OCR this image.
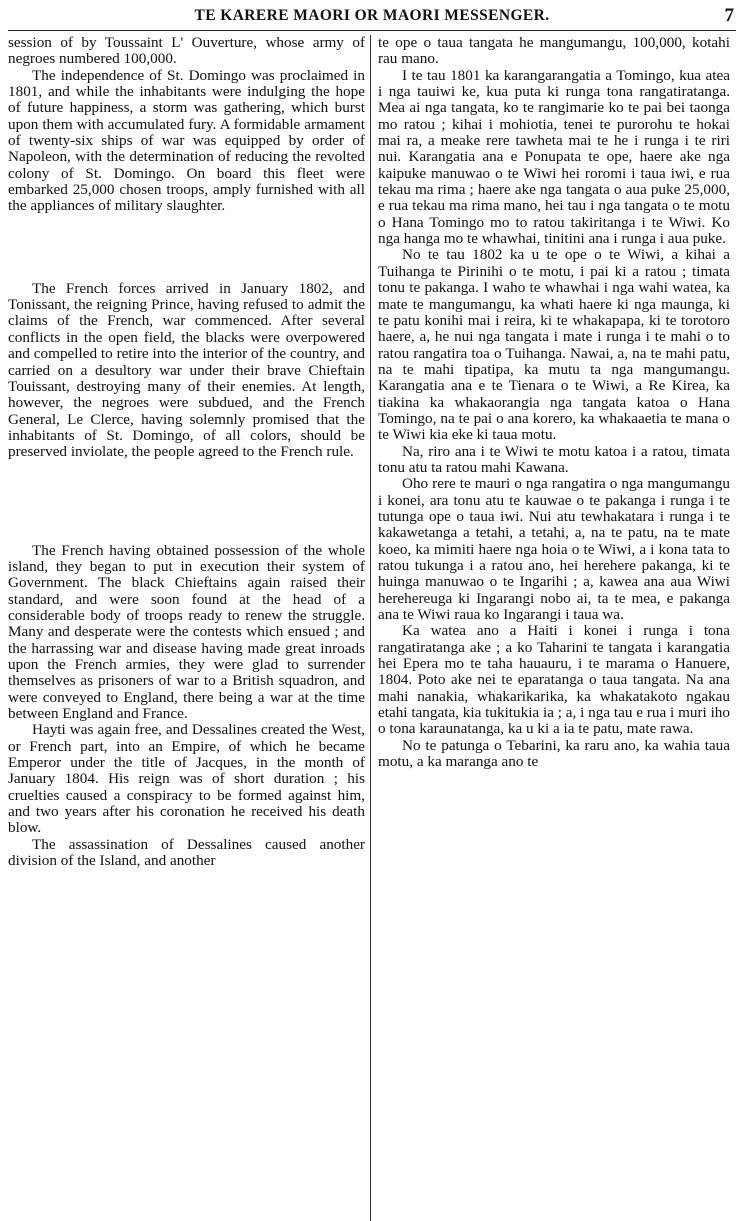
TE KARERE MAORI OR MAORI MESSENGER.	7

session of by Toussaint L' Ouverture, whose army of negroes numbered 100,000.

The independence of St. Domingo was proclaimed in 1801, and while the inhabitants were indulging the hope of future happiness, a storm was gathering, which burst upon them with accumulated fury. A formidable armament of twenty-six ships of war was equipped by order of Napoleon, with the determination of reducing the revolted colony of St. Domingo. On board this fleet were embarked 25,000 chosen troops, amply furnished with all the appliances of military slaughter.

The French forces arrived in January 1802, and Tonissant, the reigning Prince, having refused to admit the claims of the French, war commenced. After several conflicts in the open field, the blacks were overpowered and compelled to retire into the interior of the country, and carried on a desultory war under their brave Chieftain Touissant, destroying many of their enemies. At length, however, the negroes were subdued, and the French General, Le Clerce, having solemnly promised that the inhabitants of St. Domingo, of all colors, should be preserved inviolate, the people agreed to the French rule.

The French having obtained possession of the whole island, they began to put in execution their system of Government. The black Chieftains again raised their standard, and were soon found at the head of a considerable body of troops ready to renew the struggle. Many and desperate were the contests which ensued ; and the harrassing war and disease having made great inroads upon the French armies, they were glad to surrender themselves as prisoners of war to a British squadron, and were conveyed to England, there being a war at the time between England and France.

Hayti was again free, and Dessalines created the West, or French part, into an Empire, of which he became Emperor under the title of Jacques, in the month of January 1804. His reign was of short duration ; his cruelties caused a conspiracy to be formed against him, and two years after his coronation he received his death blow.

The assassination of Dessalines caused another division of the Island, and another

te ope o taua tangata he mangumangu, 100,000, kotahi rau mano.

I te tau 1801 ka karangarangatia a Tomingo, kua atea i nga tauiwi ke, kua puta ki runga tona rangatiratanga. Mea ai nga tangata, ko te rangimarie ko te pai bei taonga mo ratou ; kihai i mohiotia, tenei te purorohu te hokai mai ra, a meake rere tawheta mai te he i runga i te riri nui. Karangatia ana e Ponupata te ope, haere ake nga kaipuke manuwao o te Wiwi hei roromi i taua iwi, e rua tekau ma rima ; haere ake nga tangata o aua puke 25,000, e rua tekau ma rima mano, hei tau i nga tangata o te motu o Hana Tomingo mo to ratou takiritanga i te Wiwi. Ko nga hanga mo te whawhai, tinitini ana i runga i aua puke.

No te tau 1802 ka u te ope o te Wiwi, a kihai a Tuihanga te Pirinihi o te motu, i pai ki a ratou ; timata tonu te pakanga. I waho te whawhai i nga wahi watea, ka mate te mangumangu, ka whati haere ki nga maunga, ki te patu konihi mai i reira, ki te whakapapa, ki te torotoro haere, a, he nui nga tangata i mate i runga i te mahi o to ratou rangatira toa o Tuihanga. Nawai, a, na te mahi patu, na te mahi tipatipa, ka mutu ta nga mangumangu. Karangatia ana e te Tienara o te Wiwi, a Re Kirea, ka tiakina ka whakaorangia nga tangata katoa o Hana Tomingo, na te pai o ana korero, ka whakaaetia te mana o te Wiwi kia eke ki taua motu.

Na, riro ana i te Wiwi te motu katoa i a ratou, timata tonu atu ta ratou mahi Kawana.

Oho rere te mauri o nga rangatira o nga mangumangu i konei, ara tonu atu te kauwae o te pakanga i runga i te tutunga ope o taua iwi. Nui atu tewhakatara i runga i te kakawetanga a tetahi, a tetahi, a, na te patu, na te mate koeo, ka mimiti haere nga hoia o te Wiwi, a i kona tata to ratou tukunga i a ratou ano, hei herehere pakanga, ki te huinga manuwao o te Ingarihi ; a, kawea ana aua Wiwi herehereuga ki Ingarangi nobo ai, ta te mea, e pakanga ana te Wiwi raua ko Ingarangi i taua wa.

Ka watea ano a Haiti i konei i runga i tona rangatiratanga ake ; a ko Taharini te tangata i karangatia hei Epera mo te taha hauauru, i te marama o Hanuere, 1804. Poto ake nei te eparatanga o taua tangata. Na ana mahi nanakia, whakarikarika, ka whakatakoto ngakau etahi tangata, kia tukitukia ia ; a, i nga tau e rua i muri iho o tona karaunatanga, ka u ki a ia te patu, mate rawa.

No te patunga o Tebarini, ka raru ano, ka wahia taua motu, a ka maranga ano te
